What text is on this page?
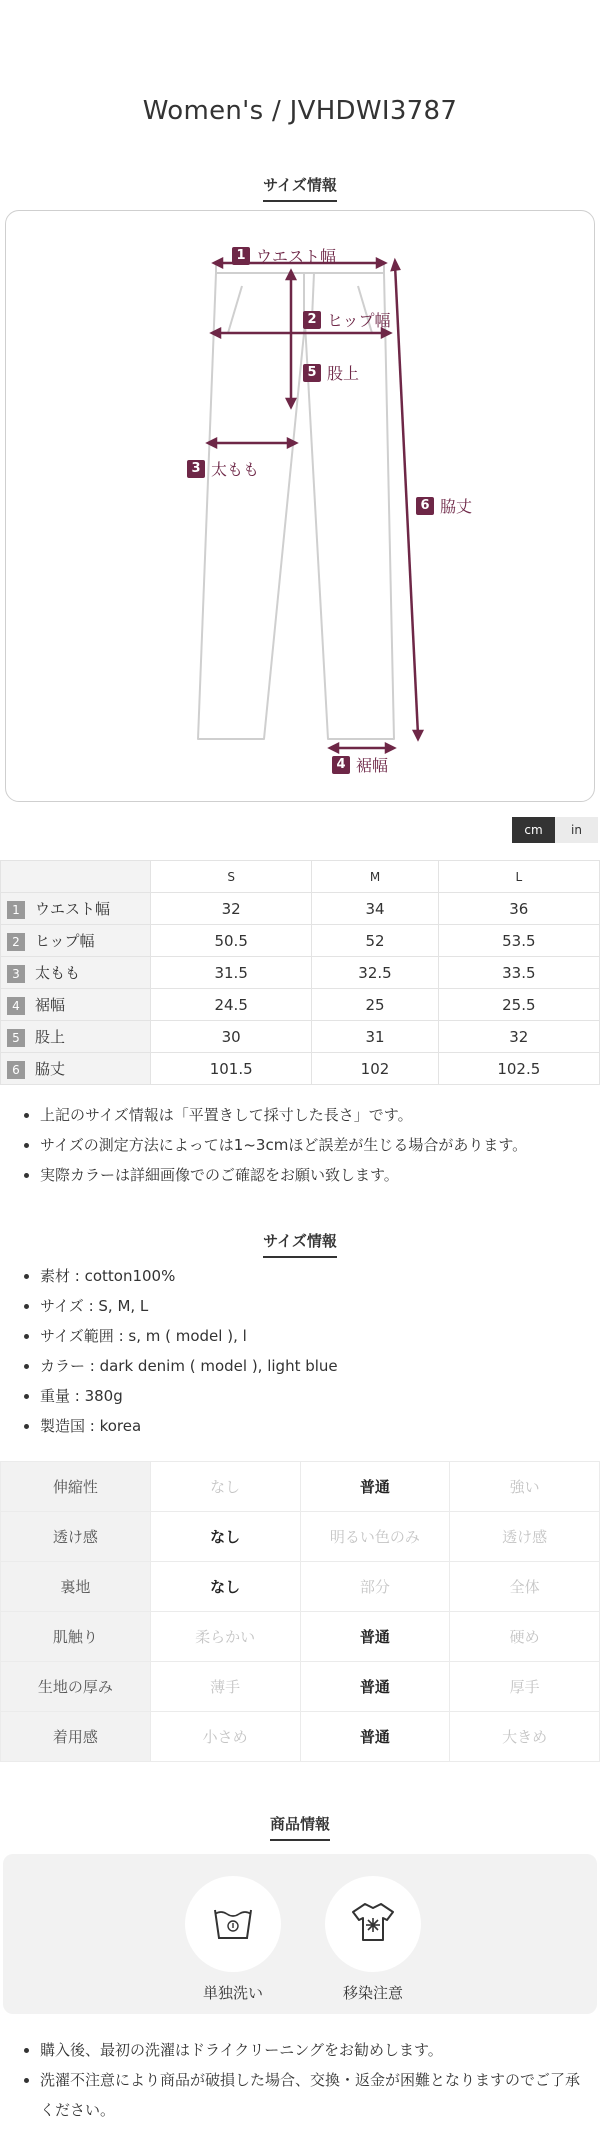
Women's / JVHDWI3787
サイズ情報
1 ウエスト幅
2 ヒップ幅
5 股上
3 太もも
6 脇丈
4 裾幅
cm	in
	S	M	L
1 ウエスト幅	32	34	36
2 ヒップ幅	50.5	52	53.5
3 太もも	31.5	32.5	33.5
4 裾幅	24.5	25	25.5
5 股上	30	31	32
6 脇丈	101.5	102	102.5
• 上記のサイズ情報は「平置きして採寸した長さ」です。
• サイズの測定方法によっては1~3cmほど誤差が生じる場合があります。
• 実際カラーは詳細画像でのご確認をお願い致します。
サイズ情報
• 素材 : cotton100%
• サイズ : S, M, L
• サイズ範囲 : s, m ( model ), l
• カラー : dark denim ( model ), light blue
• 重量 : 380g
• 製造国 : korea
伸縮性	なし	普通	強い
透け感	なし	明るい色のみ	透け感
裏地	なし	部分	全体
肌触り	柔らかい	普通	硬め
生地の厚み	薄手	普通	厚手
着用感	小さめ	普通	大きめ
商品情報
単独洗い	移染注意
• 購入後、最初の洗濯はドライクリーニングをお勧めします。
• 洗濯不注意により商品が破損した場合、交換・返金が困難となりますのでご了承ください。
